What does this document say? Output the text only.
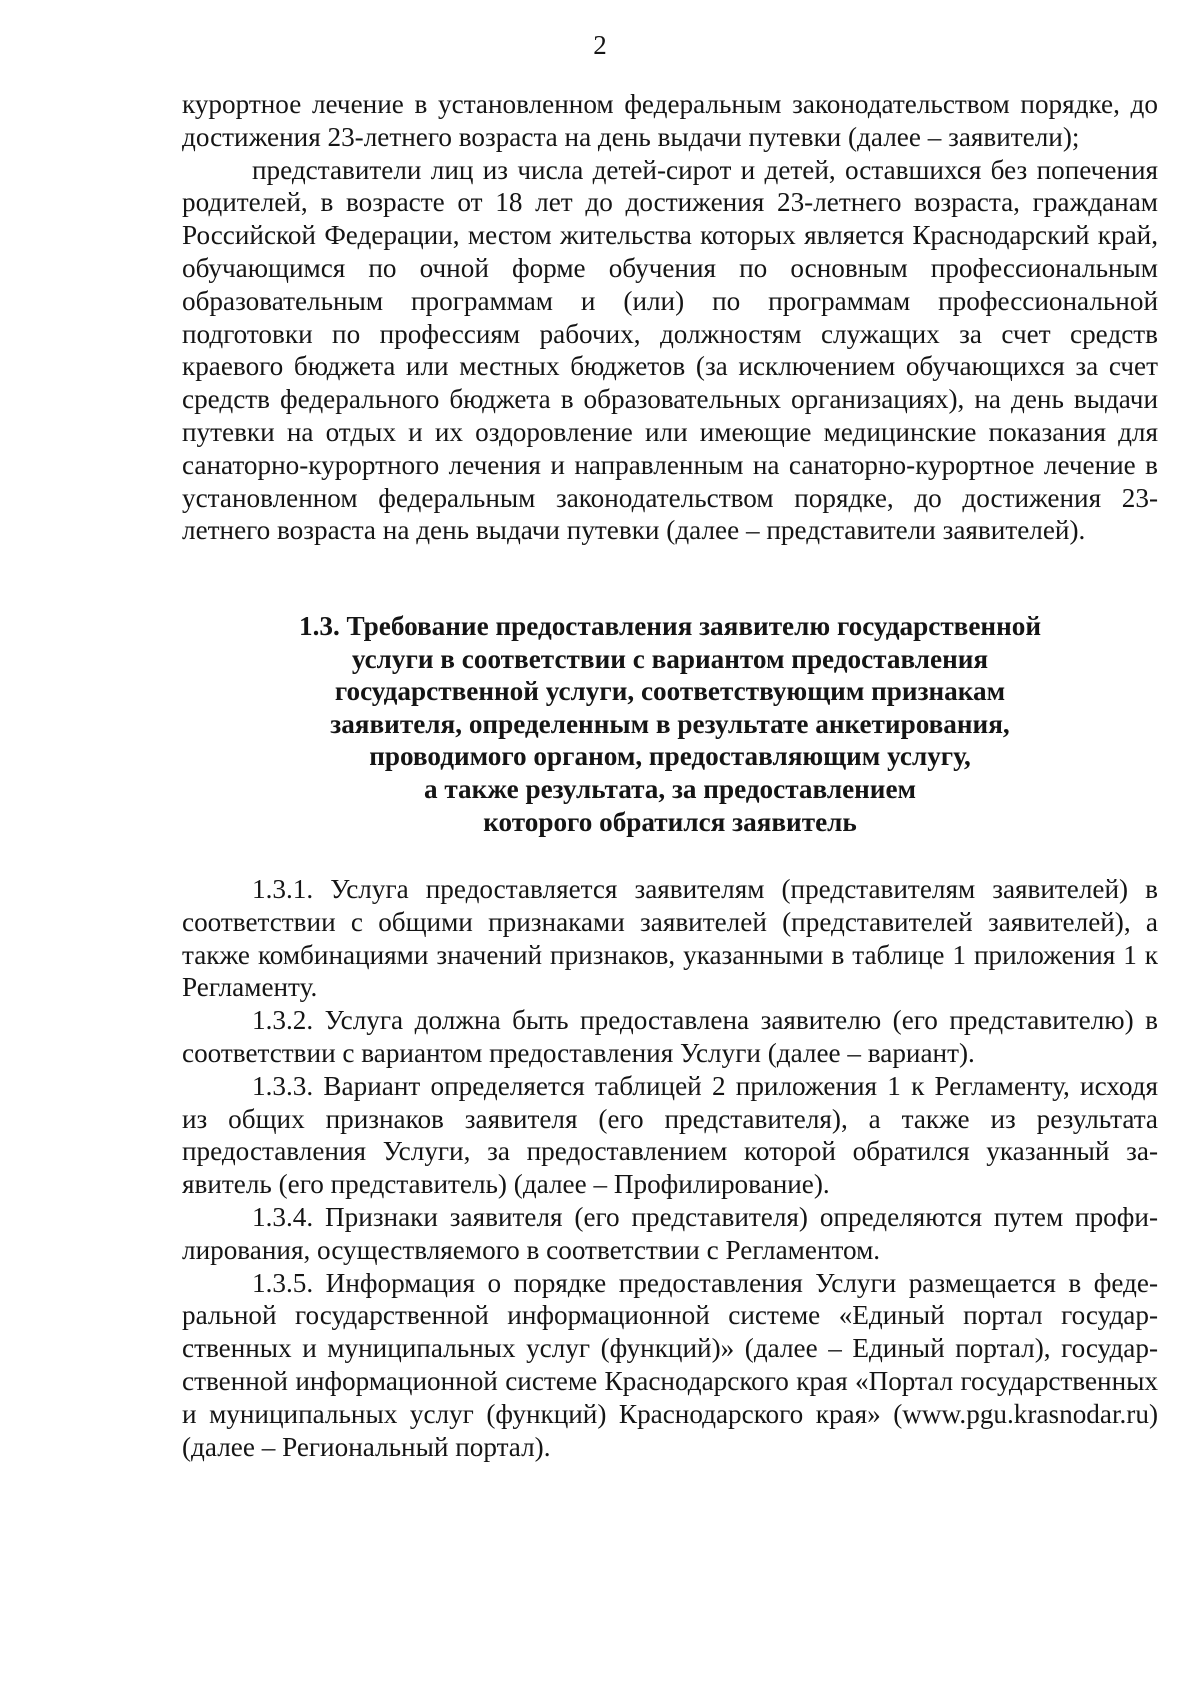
2

курортное лечение в установленном федеральным законодательством порядке, до достижения 23-летнего возраста на день выдачи путевки (далее – заявители);

представители лиц из числа детей-сирот и детей, оставшихся без попечения родителей, в возрасте от 18 лет до достижения 23-летнего возраста, гражданам Российской Федерации, местом жительства которых является Краснодарский край, обучающимся по очной форме обучения по основным профессиональным образовательным программам и (или) по программам профессиональной подготовки по профессиям рабочих, должностям служащих за счет средств краевого бюджета или местных бюджетов (за исключением обучающихся за счет средств федерального бюджета в образовательных организациях), на день выдачи путевки на отдых и их оздоровление или имеющие медицинские показания для санаторно-курортного лечения и направленным на санаторно-курортное лечение в установленном федеральным законодательством порядке, до достижения 23-летнего возраста на день выдачи путевки (далее – представители заявителей).

1.3. Требование предоставления заявителю государственной
услуги в соответствии с вариантом предоставления
государственной услуги, соответствующим признакам
заявителя, определенным в результате анкетирования,
проводимого органом, предоставляющим услугу,
а также результата, за предоставлением
которого обратился заявитель

1.3.1. Услуга предоставляется заявителям (представителям заявителей) в соответствии с общими признаками заявителей (представителей заявителей), а также комбинациями значений признаков, указанными в таблице 1 приложения 1 к Регламенту.

1.3.2. Услуга должна быть предоставлена заявителю (его представителю) в соответствии с вариантом предоставления Услуги (далее – вариант).

1.3.3. Вариант определяется таблицей 2 приложения 1 к Регламенту, исходя из общих признаков заявителя (его представителя), а также из результата предоставления Услуги, за предоставлением которой обратился указанный заявитель (его представитель) (далее – Профилирование).

1.3.4. Признаки заявителя (его представителя) определяются путем профилирования, осуществляемого в соответствии с Регламентом.

1.3.5. Информация о порядке предоставления Услуги размещается в федеральной государственной информационной системе «Единый портал государственных и муниципальных услуг (функций)» (далее – Единый портал), государственной информационной системе Краснодарского края «Портал государственных и муниципальных услуг (функций) Краснодарского края» (www.pgu.krasnodar.ru) (далее – Региональный портал).
